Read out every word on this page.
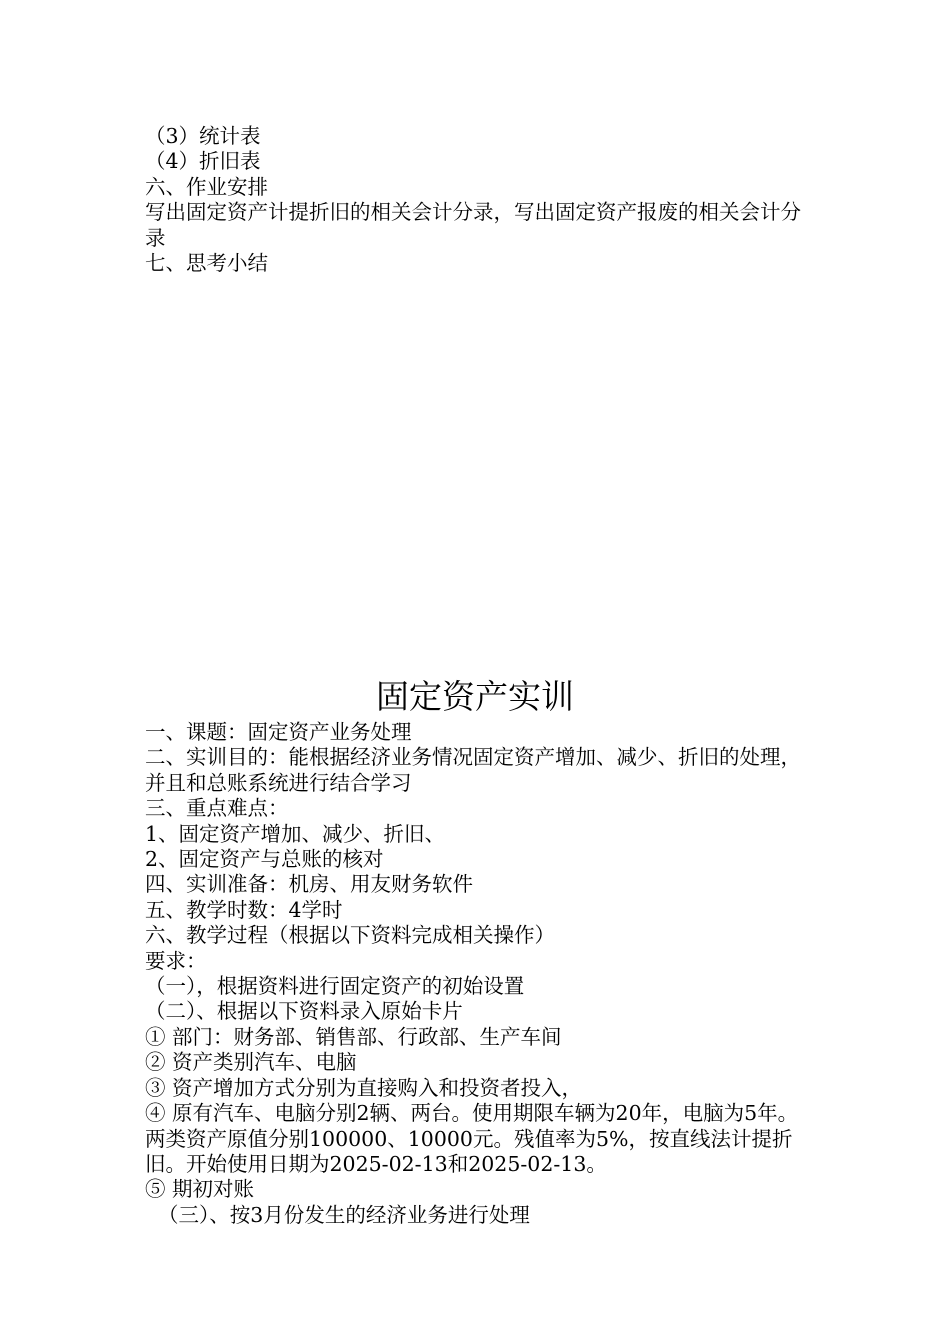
（3）统计表

（4）折旧表

六、作业安排

写出固定资产计提折旧的相关会计分录，写出固定资产报废的相关会计分录

七、思考小结

固定资产实训

一、课题：固定资产业务处理

二、实训目的：能根据经济业务情况固定资产增加、减少、折旧的处理，并且和总账系统进行结合学习

三、重点难点：

1、固定资产增加、减少、折旧、

2、固定资产与总账的核对

四、实训准备：机房、用友财务软件

五、教学时数：4学时

六、教学过程（根据以下资料完成相关操作）

要求：

（一），根据资料进行固定资产的初始设置

（二）、根据以下资料录入原始卡片

① 部门：财务部、销售部、行政部、生产车间

② 资产类别汽车、电脑

③ 资产增加方式分别为直接购入和投资者投入，

④ 原有汽车、电脑分别2辆、两台。使用期限车辆为20年，电脑为5年。两类资产原值分别100000、10000元。残值率为5%，按直线法计提折旧。开始使用日期为2025-02-13和2025-02-13。

⑤ 期初对账

（三）、按3月份发生的经济业务进行处理
